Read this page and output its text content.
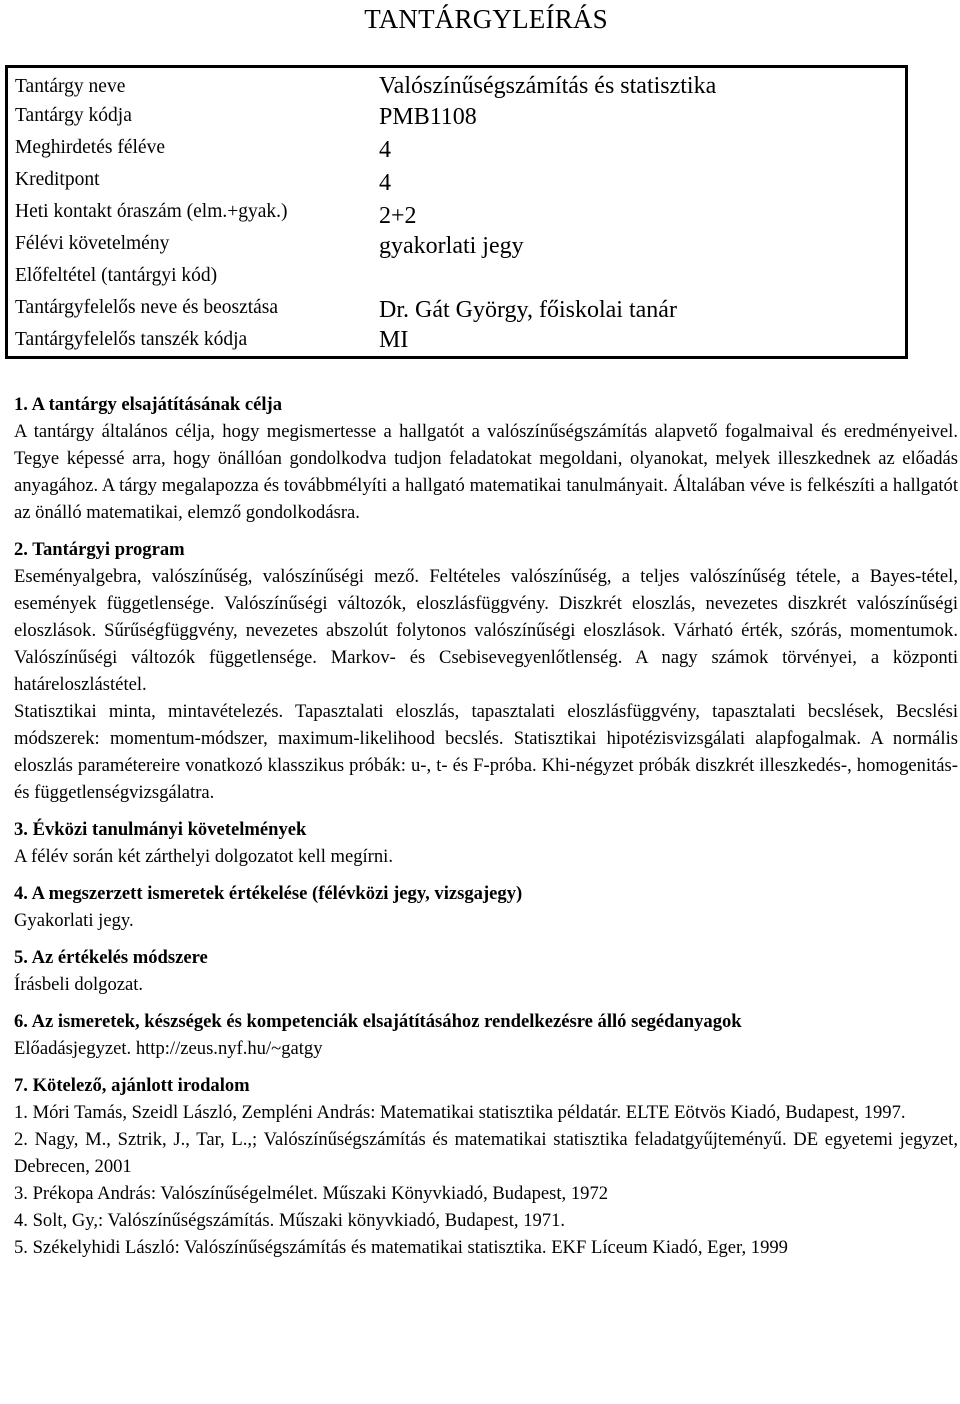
TANTÁRGYLEÍRÁS
Tantárgy neve	Valószínűségszámítás és statisztika
Tantárgy kódja	PMB1108
Meghirdetés féléve	4
Kreditpont	4
Heti kontakt óraszám (elm.+gyak.)	2+2
Félévi követelmény	gyakorlati jegy
Előfeltétel (tantárgyi kód)
Tantárgyfelelős neve és beosztása	Dr. Gát György, főiskolai tanár
Tantárgyfelelős tanszék kódja	MI
1. A tantárgy elsajátításának célja

A tantárgy általános célja, hogy megismertesse a hallgatót a valószínűségszámítás alapvető fogalmaival és eredményeivel. Tegye képessé arra, hogy önállóan gondolkodva tudjon feladatokat megoldani, olyanokat, melyek illeszkednek az előadás anyagához. A tárgy megalapozza és továbbmélyíti a hallgató matematikai tanulmányait. Általában véve is felkészíti a hallgatót az önálló matematikai, elemző gondolkodásra.

2. Tantárgyi program

Eseményalgebra, valószínűség, valószínűségi mező. Feltételes valószínűség, a teljes valószínűség tétele, a Bayes-tétel, események függetlensége. Valószínűségi változók, eloszlásfüggvény. Diszkrét eloszlás, nevezetes diszkrét valószínűségi eloszlások. Sűrűségfüggvény, nevezetes abszolút folytonos valószínűségi eloszlások. Várható érték, szórás, momentumok. Valószínűségi változók függetlensége. Markov- és Csebisevegyenlőtlenség. A nagy számok törvényei, a központi határeloszlástétel.

Statisztikai minta, mintavételezés. Tapasztalati eloszlás, tapasztalati eloszlásfüggvény, tapasztalati becslések, Becslési módszerek: momentum-módszer, maximum-likelihood becslés. Statisztikai hipotézisvizsgálati alapfogalmak. A normális eloszlás paramétereire vonatkozó klasszikus próbák: u-, t- és F-próba. Khi-négyzet próbák diszkrét illeszkedés-, homogenitás- és függetlenségvizsgálatra.

3. Évközi tanulmányi követelmények

A félév során két zárthelyi dolgozatot kell megírni.

4. A megszerzett ismeretek értékelése (félévközi jegy, vizsgajegy)

Gyakorlati jegy.

5. Az értékelés módszere

Írásbeli dolgozat.

6. Az ismeretek, készségek és kompetenciák elsajátításához rendelkezésre álló segédanyagok

Előadásjegyzet. http://zeus.nyf.hu/~gatgy

7. Kötelező, ajánlott irodalom

1. Móri Tamás, Szeidl László, Zempléni András: Matematikai statisztika példatár. ELTE Eötvös Kiadó, Budapest, 1997.

2. Nagy, M., Sztrik, J., Tar, L.,; Valószínűségszámítás és matematikai statisztika feladatgyűjteményű. DE egyetemi jegyzet, Debrecen, 2001

3. Prékopa András: Valószínűségelmélet. Műszaki Könyvkiadó, Budapest, 1972

4. Solt, Gy,: Valószínűségszámítás. Műszaki könyvkiadó, Budapest, 1971.

5. Székelyhidi László: Valószínűségszámítás és matematikai statisztika. EKF Líceum Kiadó, Eger, 1999
